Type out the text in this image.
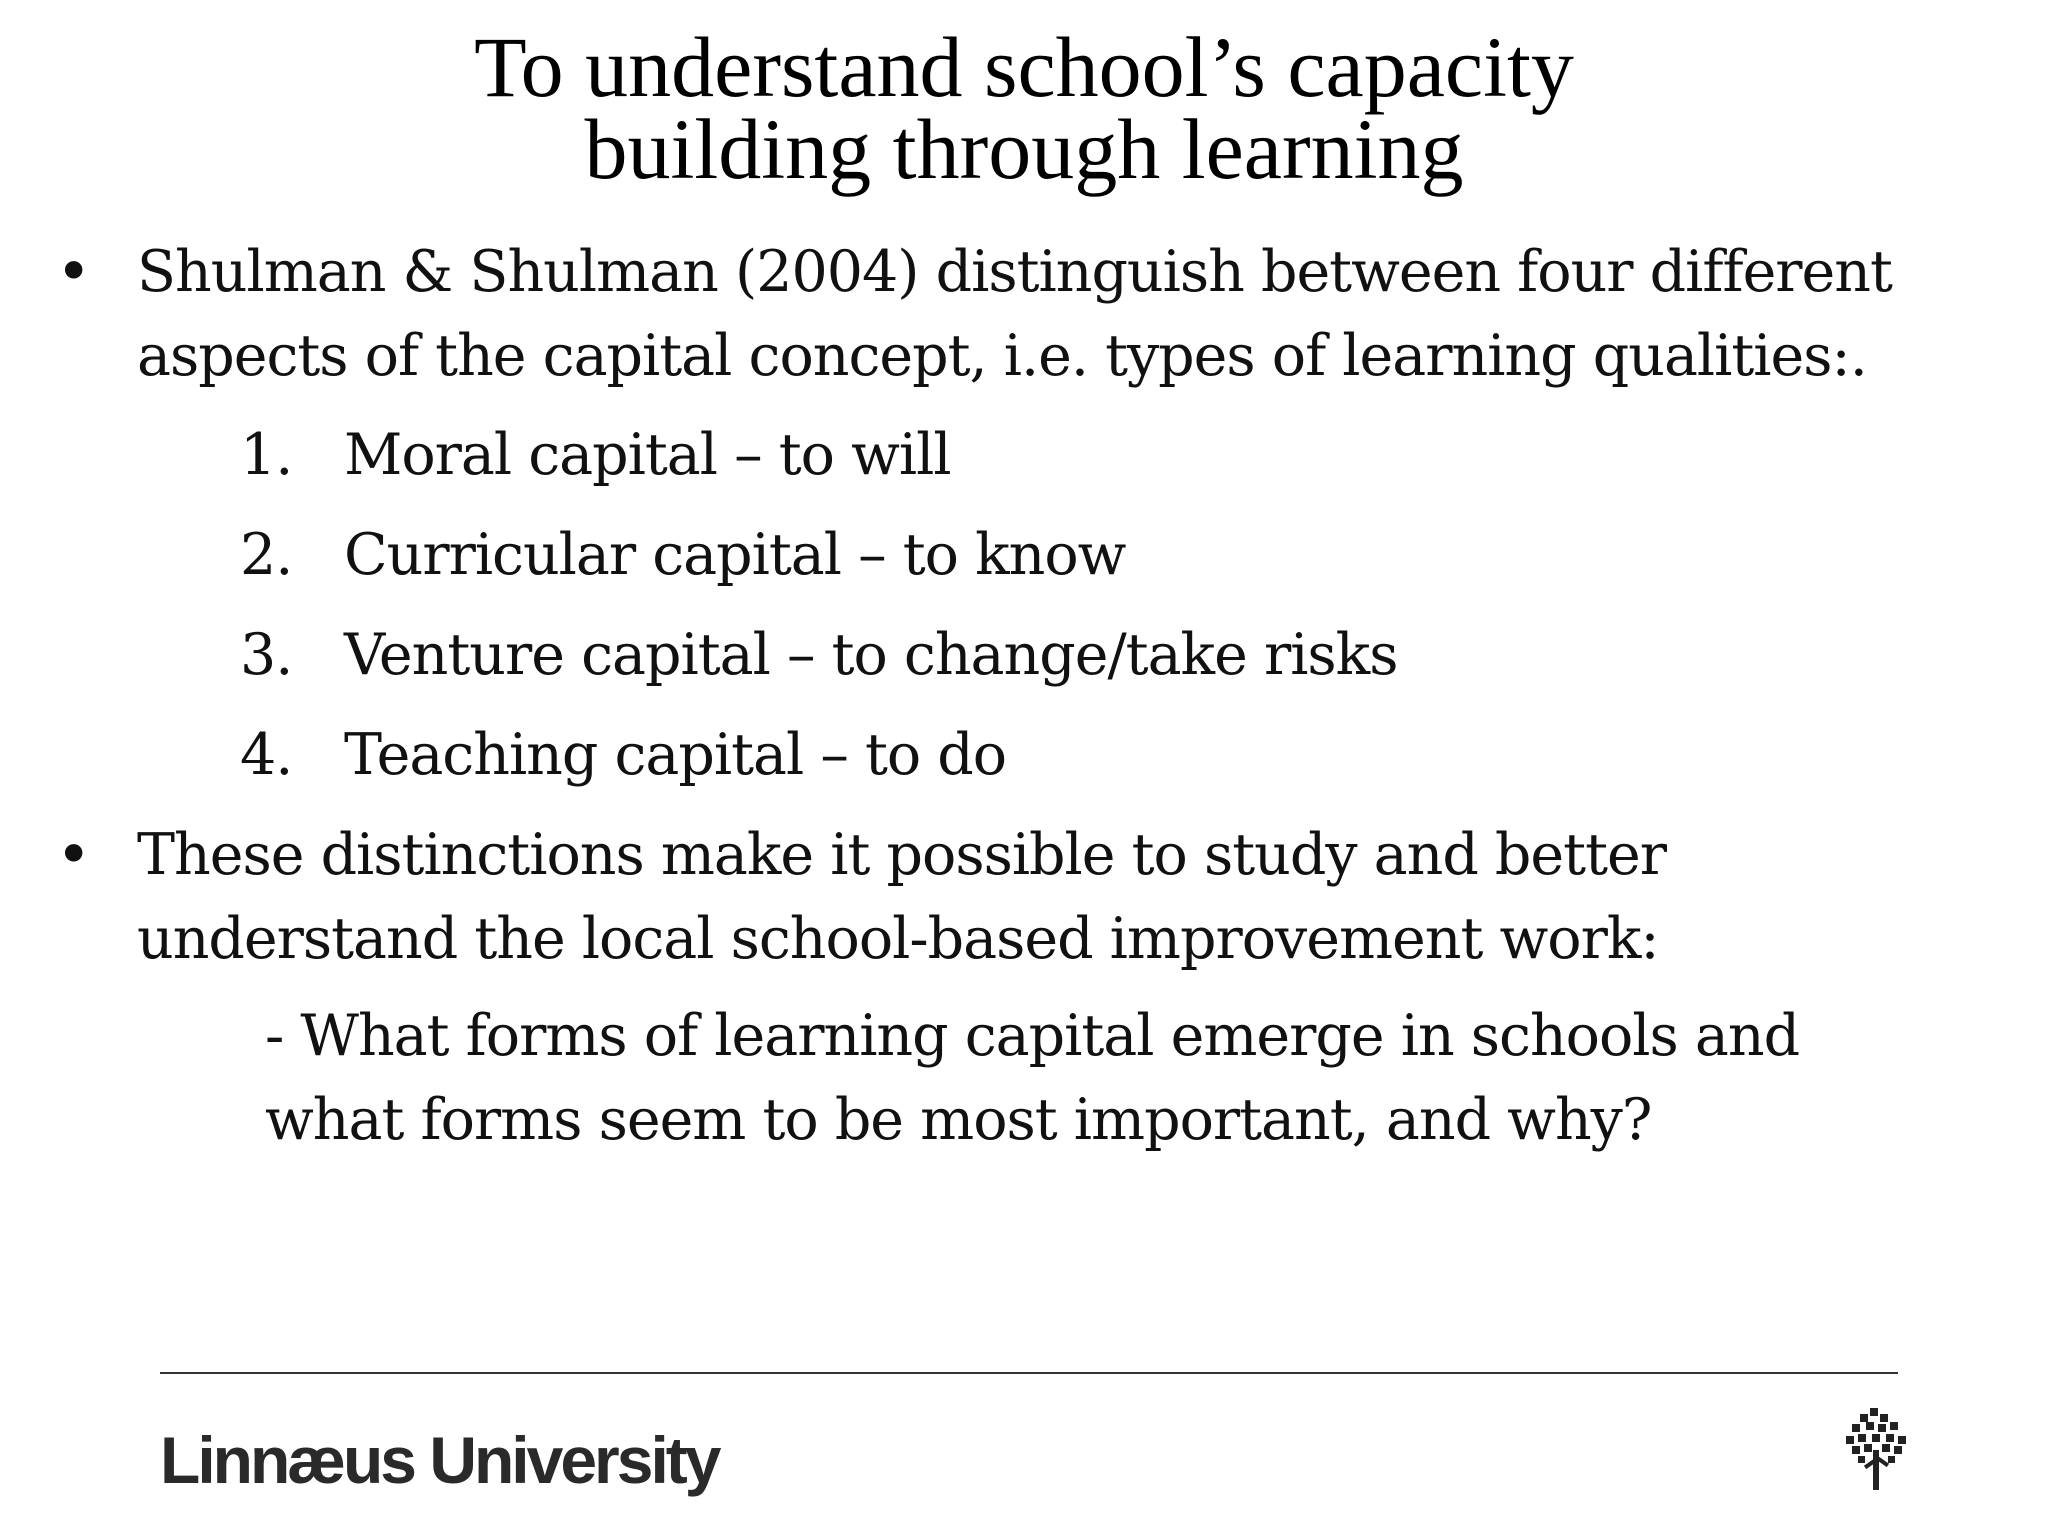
To understand school’s capacity
building through learning
• Shulman & Shulman (2004) distinguish between four different
aspects of the capital concept, i.e. types of learning qualities:.
1. Moral capital – to will
2. Curricular capital – to know
3. Venture capital – to change/take risks
4. Teaching capital – to do
• These distinctions make it possible to study and better
understand the local school-based improvement work:
- What forms of learning capital emerge in schools and
what forms seem to be most important, and why?
Linnæus University
